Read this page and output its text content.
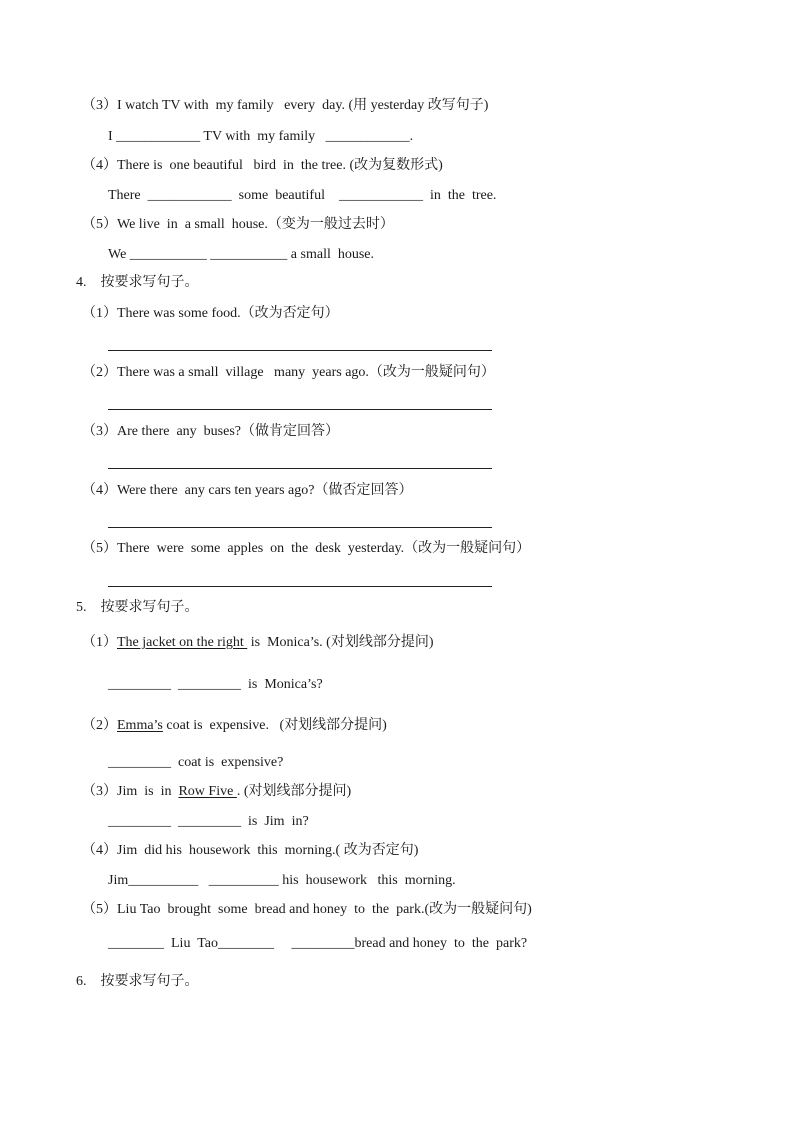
（3）I watch TV with  my family   every  day. (用 yesterday 改写句子)
I ____________ TV with  my family   ____________.
（4）There is  one beautiful   bird  in  the tree. (改为复数形式)
There  ____________  some  beautiful    ____________  in  the  tree.
（5）We live  in  a small  house.（变为一般过去时）
We ___________ ___________ a small  house.
4.    按要求写句子。
（1）There was some food.（改为否定句）
（2）There was a small  village   many  years ago.（改为一般疑问句）
（3）Are there  any  buses?（做肯定回答）
（4）Were there  any cars ten years ago?（做否定回答）
（5）There  were  some  apples  on  the  desk  yesterday.（改为一般疑问句）
5.    按要求写句子。
（1）The jacket on the right  is  Monica’s. (对划线部分提问)
_________  _________  is  Monica’s?
（2）Emma’s coat is  expensive.   (对划线部分提问)
_________  coat is  expensive?
（3）Jim  is  in  Row Five . (对划线部分提问)
_________  _________  is  Jim  in?
（4）Jim  did his  housework  this  morning.( 改为否定句)
Jim__________   __________ his  housework   this  morning.
（5）Liu Tao  brought  some  bread and honey  to  the  park.(改为一般疑问句)
________  Liu  Tao________     _________bread and honey  to  the  park?
6.    按要求写句子。
